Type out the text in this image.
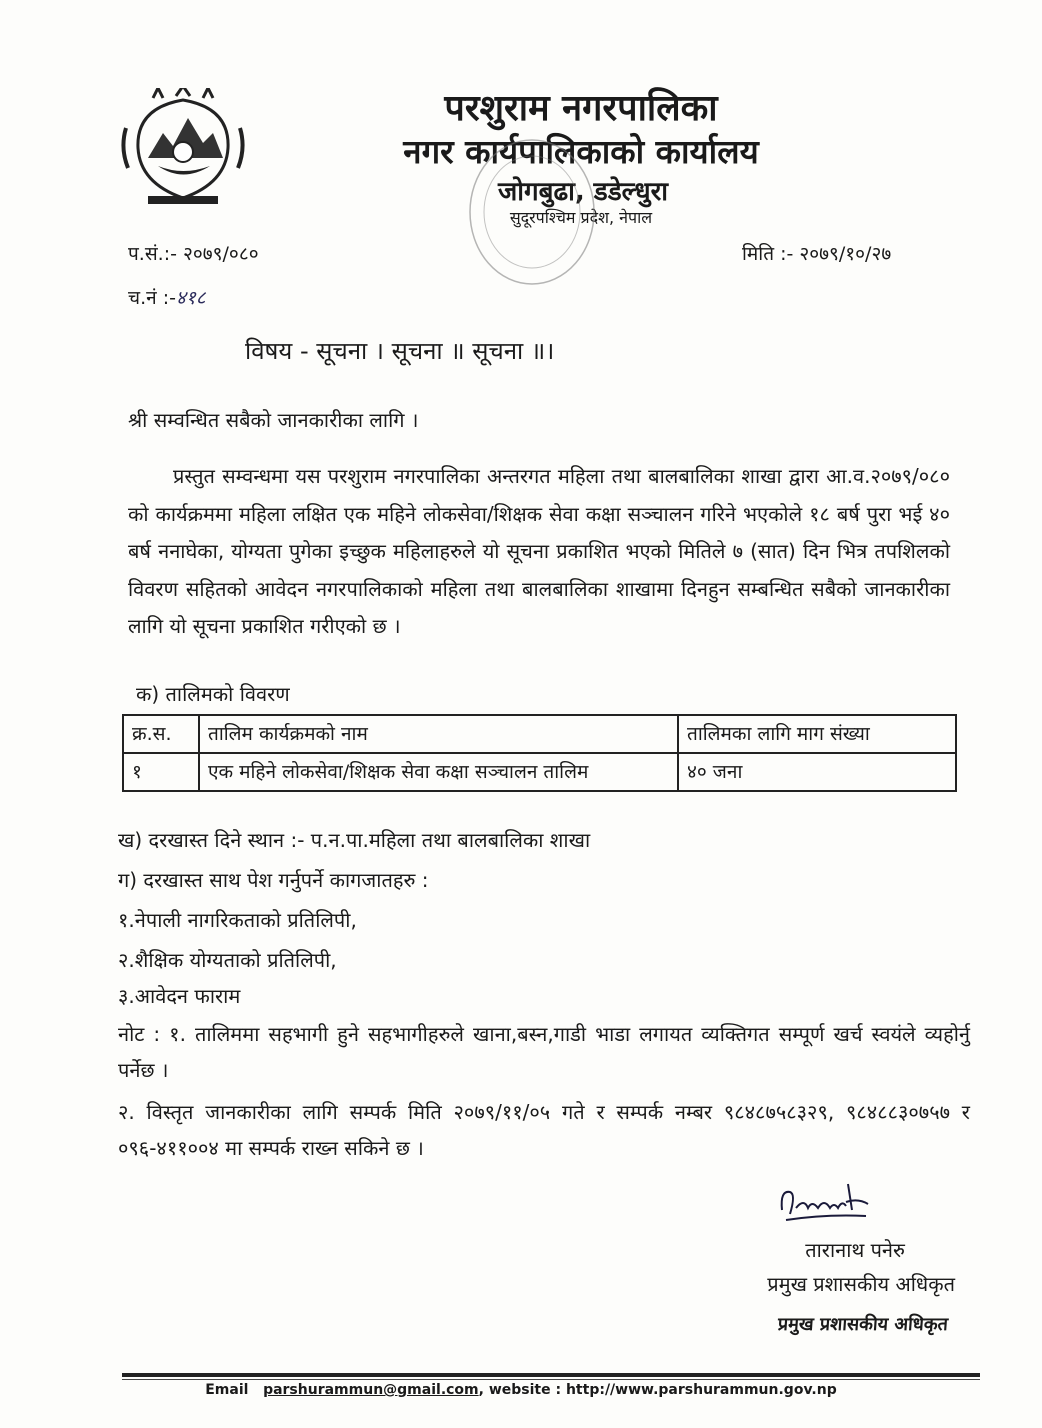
परशुराम नगरपालिका
नगर कार्यपालिकाको कार्यालय
जोगबुढा, डडेल्धुरा
सुदूरपश्चिम प्रदेश, नेपाल
प.सं.:- २०७९/०८०	मिति :- २०७९/१०/२७
च.नं :-४१८
विषय - सूचना । सूचना ॥ सूचना ॥।
श्री सम्वन्धित सबैको जानकारीका लागि ।
प्रस्तुत सम्वन्धमा यस परशुराम नगरपालिका अन्तरगत महिला तथा बालबालिका शाखा द्वारा आ.व.२०७९/०८० को कार्यक्रममा महिला लक्षित एक महिने लोकसेवा/शिक्षक सेवा कक्षा सञ्चालन गरिने भएकोले १८ बर्ष पुरा भई ४० बर्ष ननाघेका, योग्यता पुगेका इच्छुक महिलाहरुले यो सूचना प्रकाशित भएको मितिले ७ (सात) दिन भित्र तपशिलको विवरण सहितको आवेदन नगरपालिकाको महिला तथा बालबालिका शाखामा दिनहुन सम्बन्धित सबैको जानकारीका लागि यो सूचना प्रकाशित गरीएको छ ।
क) तालिमको विवरण
क्र.स.	तालिम कार्यक्रमको नाम	तालिमका लागि माग संख्या
१	एक महिने लोकसेवा/शिक्षक सेवा कक्षा सञ्चालन तालिम	४० जना
ख) दरखास्त दिने स्थान :- प.न.पा.महिला तथा बालबालिका शाखा
ग) दरखास्त साथ पेश गर्नुपर्ने कागजातहरु :
१.नेपाली नागरिकताको प्रतिलिपी,
२.शैक्षिक योग्यताको प्रतिलिपी,
३.आवेदन फाराम
नोट : १. तालिममा सहभागी हुने सहभागीहरुले खाना,बस्न,गाडी भाडा लगायत व्यक्तिगत सम्पूर्ण खर्च स्वयंले व्यहोर्नु पर्नेछ ।
२. विस्तृत जानकारीका लागि सम्पर्क मिति २०७९/११/०५ गते र सम्पर्क नम्बर ९८४८७५८३२९, ९८४८८३०७५७ र ०९६-४११००४ मा सम्पर्क राख्न सकिने छ ।
तारानाथ पनेरु
प्रमुख प्रशासकीय अधिकृत
प्रमुख प्रशासकीय अधिकृत
Email parshurammun@gmail.com, website : http://www.parshurammun.gov.np
